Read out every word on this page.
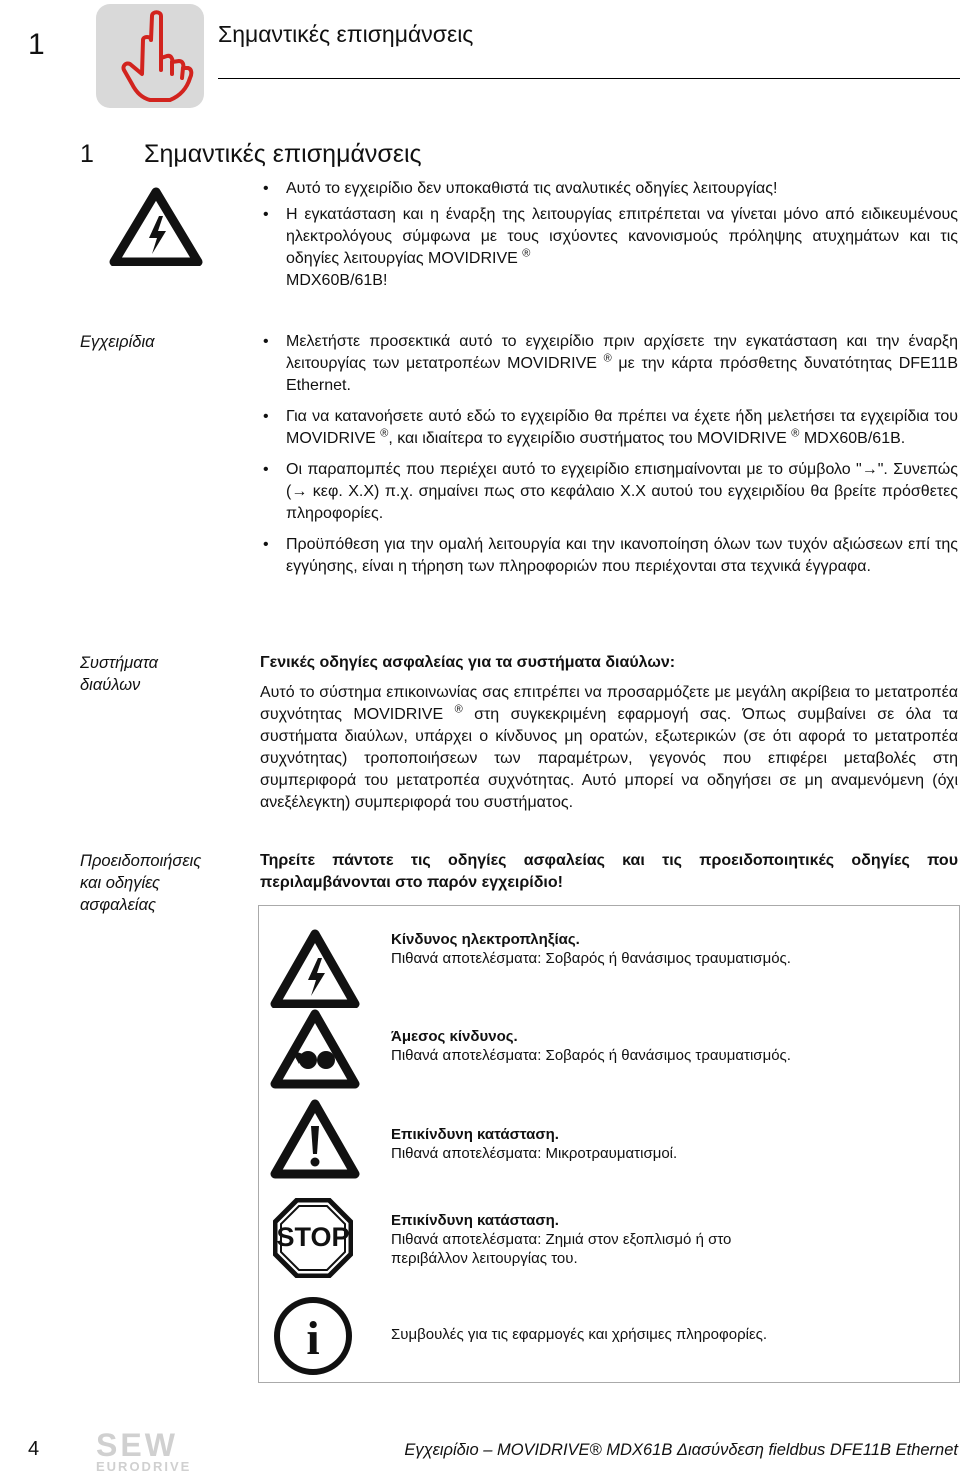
1	Σημαντικές επισημάνσεις
1 Σημαντικές επισημάνσεις
• Αυτό το εγχειρίδιο δεν υποκαθιστά τις αναλυτικές οδηγίες λειτουργίας!
• Η εγκατάσταση και η έναρξη της λειτουργίας επιτρέπεται να γίνεται μόνο από ειδικευμένους ηλεκτρολόγους σύμφωνα με τους ισχύοντες κανονισμούς πρόληψης ατυχημάτων και τις οδηγίες λειτουργίας MOVIDRIVE ®
MDX60B/61B!
Εγχειρίδια
•	Μελετήστε προσεκτικά αυτό το εγχειρίδιο πριν αρχίσετε την εγκατάσταση και την έναρξη λειτουργίας των μετατροπέων MOVIDRIVE ® με την κάρτα πρόσθετης δυνατότητας DFE11B Ethernet.
• Για να κατανοήσετε αυτό εδώ το εγχειρίδιο θα πρέπει να έχετε ήδη μελετήσει τα εγχειρίδια του MOVIDRIVE ®, και ιδιαίτερα το εγχειρίδιο συστήματος του MOVIDRIVE ® MDX60B/61B.
• Οι παραπομπές που περιέχει αυτό το εγχειρίδιο επισημαίνονται με το σύμβολο "→". Συνεπώς (→ κεφ. X.X) π.χ. σημαίνει πως στο κεφάλαιο X.X αυτού του εγχειριδίου θα βρείτε πρόσθετες πληροφορίες.
• Προϋπόθεση για την ομαλή λειτουργία και την ικανοποίηση όλων των τυχόν αξιώσεων επί της εγγύησης, είναι η τήρηση των πληροφοριών που περιέχονται στα τεχνικά έγγραφα.
Συστήματα
διαύλων
Γενικές οδηγίες ασφαλείας για τα συστήματα διαύλων:
Αυτό το σύστημα επικοινωνίας σας επιτρέπει να προσαρμόζετε με μεγάλη ακρίβεια το μετατροπέα συχνότητας MOVIDRIVE ® στη συγκεκριμένη εφαρμογή σας. Όπως συμβαίνει σε όλα τα συστήματα διαύλων, υπάρχει ο κίνδυνος μη ορατών, εξωτερικών (σε ότι αφορά το μετατροπέα συχνότητας) τροποποιήσεων των παραμέτρων, γεγονός που επιφέρει μεταβολές στη συμπεριφορά του μετατροπέα συχνότητας. Αυτό μπορεί να οδηγήσει σε μη αναμενόμενη (όχι ανεξέλεγκτη) συμπεριφορά του συστήματος.
Προειδοποιήσεις
και οδηγίες
ασφαλείας
Τηρείτε πάντοτε τις οδηγίες ασφαλείας και τις προειδοποιητικές οδηγίες που περιλαμβάνονται στο παρόν εγχειρίδιο!
Κίνδυνος ηλεκτροπληξίας.
Πιθανά αποτελέσματα: Σοβαρός ή θανάσιμος τραυματισμός.
Άμεσος κίνδυνος.
Πιθανά αποτελέσματα: Σοβαρός ή θανάσιμος τραυματισμός.
Επικίνδυνη κατάσταση.
Πιθανά αποτελέσματα: Μικροτραυματισμοί.
STOP
Επικίνδυνη κατάσταση.
Πιθανά αποτελέσματα: Ζημιά στον εξοπλισμό ή στο περιβάλλον λειτουργίας του.
i	Συμβουλές για τις εφαρμογές και χρήσιμες πληροφορίες.
4 SEW
EURODRIVE
Εγχειρίδιο – MOVIDRIVE® MDX61B Διασύνδεση fieldbus DFE11B Ethernet
